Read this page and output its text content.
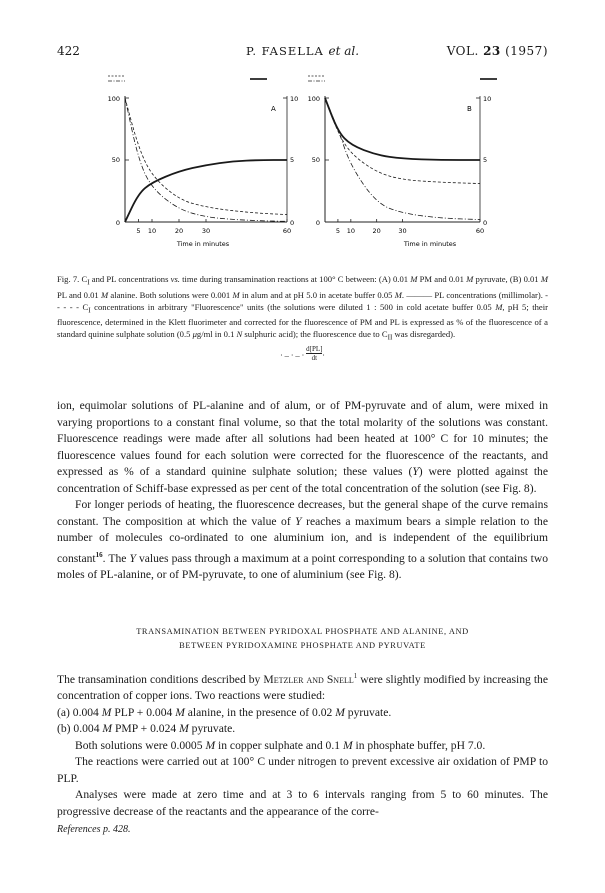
422	P. FASELLA et al.	VOL. 23 (1957)
A
100
50
0
10
5
0
5 10	20	30	60
Time in minutes
B
100
50
0
10
5
0
5 10	20	30	60
Time in minutes
Fig. 7. $C_I$ and PL concentrations vs. time during transamination reactions at 100° C between: (A) 0.01 M PM and 0.01 M pyruvate, (B) 0.01 M PL and 0.01 M alanine. Both solutions were 0.001 M in alum and at pH 5.0 in acetate buffer 0.05 M. ——— PL concentrations (millimolar). - - - - - $C_I$ concentrations in arbitrary "Fluorescence" units (the solutions were diluted 1 : 500 in cold acetate buffer 0.05 M, pH 5; their fluorescence, determined in the Klett fluorimeter and corrected for the fluorescence of PM and PL is expressed as % of the fluorescence of a standard quinine sulphate solution (0.5 μg/ml in 0.1 N sulphuric acid); the fluorescence due to $C_{II}$ was disregarded).
. _ . _ . $\frac{d[PL]}{dt}$ .

ion, equimolar solutions of PL-alanine and of alum, or of PM-pyruvate and of alum, were mixed in varying proportions to a constant final volume, so that the total molarity of the solutions was constant. Fluorescence readings were made after all solutions had been heated at 100° C for 10 minutes; the fluorescence values found for each solution were corrected for the fluorescence of the reactants, and expressed as % of a standard quinine sulphate solution; these values (Y) were plotted against the concentration of Schiff-base expressed as per cent of the total concentration of the solution (see Fig. 8).

For longer periods of heating, the fluorescence decreases, but the general shape of the curve remains constant. The composition at which the value of Y reaches a maximum bears a simple relation to the number of molecules co-ordinated to one aluminium ion, and is independent of the equilibrium constant$^{16}$. The Y values pass through a maximum at a point corresponding to a solution that contains two moles of PL-alanine, or of PM-pyruvate, to one of aluminium (see Fig. 8).

TRANSAMINATION BETWEEN PYRIDOXAL PHOSPHATE AND ALANINE, AND
BETWEEN PYRIDOXAMINE PHOSPHATE AND PYRUVATE

The transamination conditions described by Metzler and Snell$^1$ were slightly modified by increasing the concentration of copper ions. Two reactions were studied:

(a) 0.004 M PLP + 0.004 M alanine, in the presence of 0.02 M pyruvate.

(b) 0.004 M PMP + 0.024 M pyruvate.

Both solutions were 0.0005 M in copper sulphate and 0.1 M in phosphate buffer, pH 7.0.

The reactions were carried out at 100° C under nitrogen to prevent excessive air oxidation of PMP to PLP.

Analyses were made at zero time and at 3 to 6 intervals ranging from 5 to 60 minutes. The progressive decrease of the reactants and the appearance of the corre-

References p. 428.
